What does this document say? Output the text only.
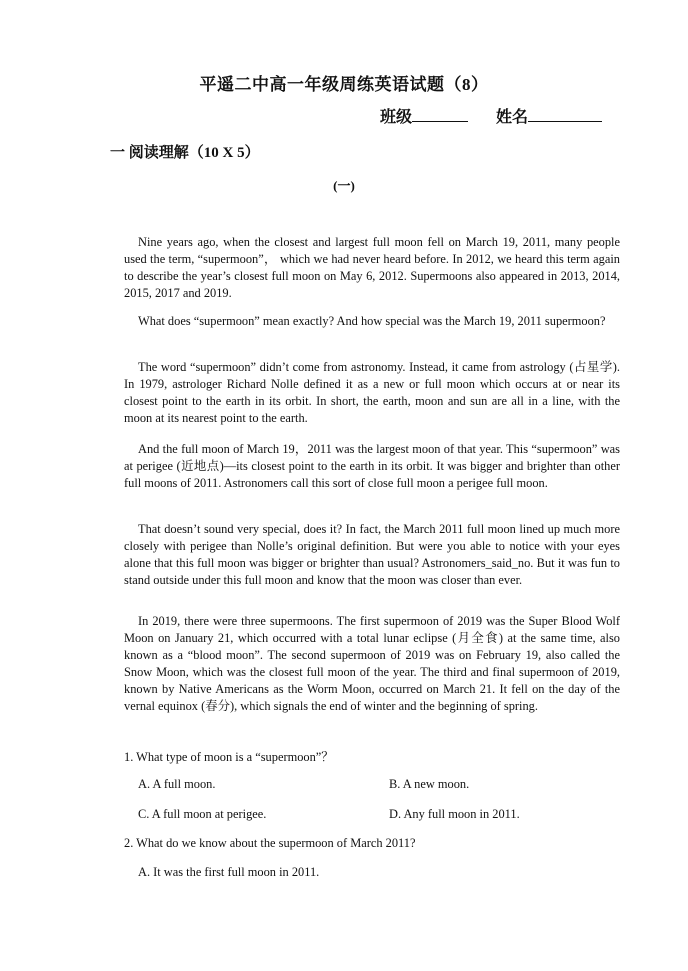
平遥二中高一年级周练英语试题（8）
班级	姓名
一 阅读理解（10 X 5）
(一)

Nine years ago, when the closest and largest full moon fell on March 19, 2011, many people used the term, “supermoon”， which we had never heard before. In 2012, we heard this term again to describe the year’s closest full moon on May 6, 2012. Supermoons also appeared in 2013, 2014, 2015, 2017 and 2019.

What does “supermoon” mean exactly? And how special was the March 19, 2011 supermoon?

The word “supermoon” didn’t come from astronomy. Instead, it came from astrology (占星学). In 1979, astrologer Richard Nolle defined it as a new or full moon which occurs at or near its closest point to the earth in its orbit. In short, the earth, moon and sun are all in a line, with the moon at its nearest point to the earth.

And the full moon of March 19，2011 was the largest moon of that year. This “supermoon” was at perigee (近地点)—its closest point to the earth in its orbit. It was bigger and brighter than other full moons of 2011. Astronomers call this sort of close full moon a perigee full moon.

That doesn’t sound very special, does it? In fact, the March 2011 full moon lined up much more closely with perigee than Nolle’s original definition. But were you able to notice with your eyes alone that this full moon was bigger or brighter than usual? Astronomers_said_no. But it was fun to stand outside under this full moon and know that the moon was closer than ever.

In 2019, there were three supermoons. The first supermoon of 2019 was the Super Blood Wolf Moon on January 21, which occurred with a total lunar eclipse (月全食) at the same time, also known as a “blood moon”. The second supermoon of 2019 was on February 19, also called the Snow Moon, which was the closest full moon of the year. The third and final supermoon of 2019, known by Native Americans as the Worm Moon, occurred on March 21. It fell on the day of the vernal equinox (春分), which signals the end of winter and the beginning of spring.

1. What type of moon is a “supermoon”？
A. A full moon.	B. A new moon.
C. A full moon at perigee.	D. Any full moon in 2011.
2. What do we know about the supermoon of March 2011?
A. It was the first full moon in 2011.
